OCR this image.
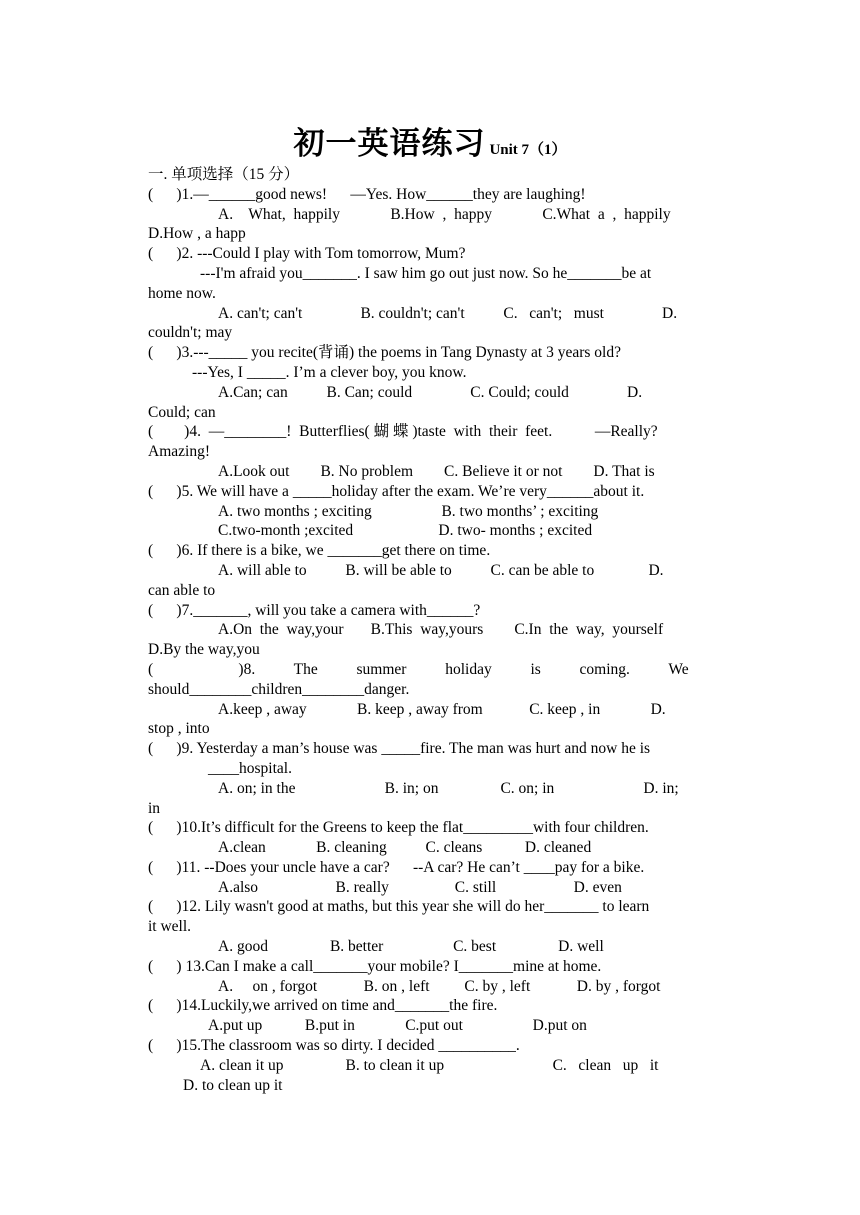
初一英语练习 Unit 7（1）
一. 单项选择（15 分）
(      )1.—______good news!      —Yes. How______they are laughing!
A.    What,  happily             B.How  ,  happy             C.What  a  ,  happily
D.How , a happ
(      )2. ---Could I play with Tom tomorrow, Mum?
---I'm afraid you_______. I saw him go out just now. So he_______be at
home now.
A. can't; can't               B. couldn't; can't          C.   can't;   must               D.
couldn't; may
(      )3.---_____ you recite(背诵) the poems in Tang Dynasty at 3 years old?
---Yes, I _____. I’m a clever boy, you know.
A.Can; can          B. Can; could               C. Could; could               D.
Could; can
(        )4.  —________!  Butterflies( 蝴 蝶 )taste  with  their  feet.           —Really?
Amazing!
A.Look out        B. No problem        C. Believe it or not        D. That is
(      )5. We will have a _____holiday after the exam. We’re very______about it.
A. two months ; exciting                  B. two months’ ; exciting
C.two-month ;excited                      D. two- months ; excited
(      )6. If there is a bike, we _______get there on time.
A. will able to          B. will be able to          C. can be able to              D.
can able to
(      )7._______, will you take a camera with______?
A.On  the  way,your       B.This  way,yours        C.In  the  way,  yourself
D.By the way,you
(                      )8.          The          summer          holiday          is          coming.          We
should________children________danger.
A.keep , away             B. keep , away from            C. keep , in             D.
stop , into
(      )9. Yesterday a man’s house was _____fire. The man was hurt and now he is
____hospital.
A. on; in the                       B. in; on                C. on; in                       D. in;
in
(      )10.It’s difficult for the Greens to keep the flat_________with four children.
A.clean             B. cleaning          C. cleans           D. cleaned
(      )11. --Does your uncle have a car?      --A car? He can’t ____pay for a bike.
A.also                    B. really                 C. still                    D. even
(      )12. Lily wasn't good at maths, but this year she will do her_______ to learn
it well.
A. good                B. better                  C. best                D. well
(      ) 13.Can I make a call_______your mobile? I_______mine at home.
A.     on , forgot            B. on , left         C. by , left            D. by , forgot
(      )14.Luckily,we arrived on time and_______the fire.
A.put up           B.put in             C.put out                  D.put on
(      )15.The classroom was so dirty. I decided __________.
A. clean it up                B. to clean it up                            C.   clean   up   it
D. to clean up it
